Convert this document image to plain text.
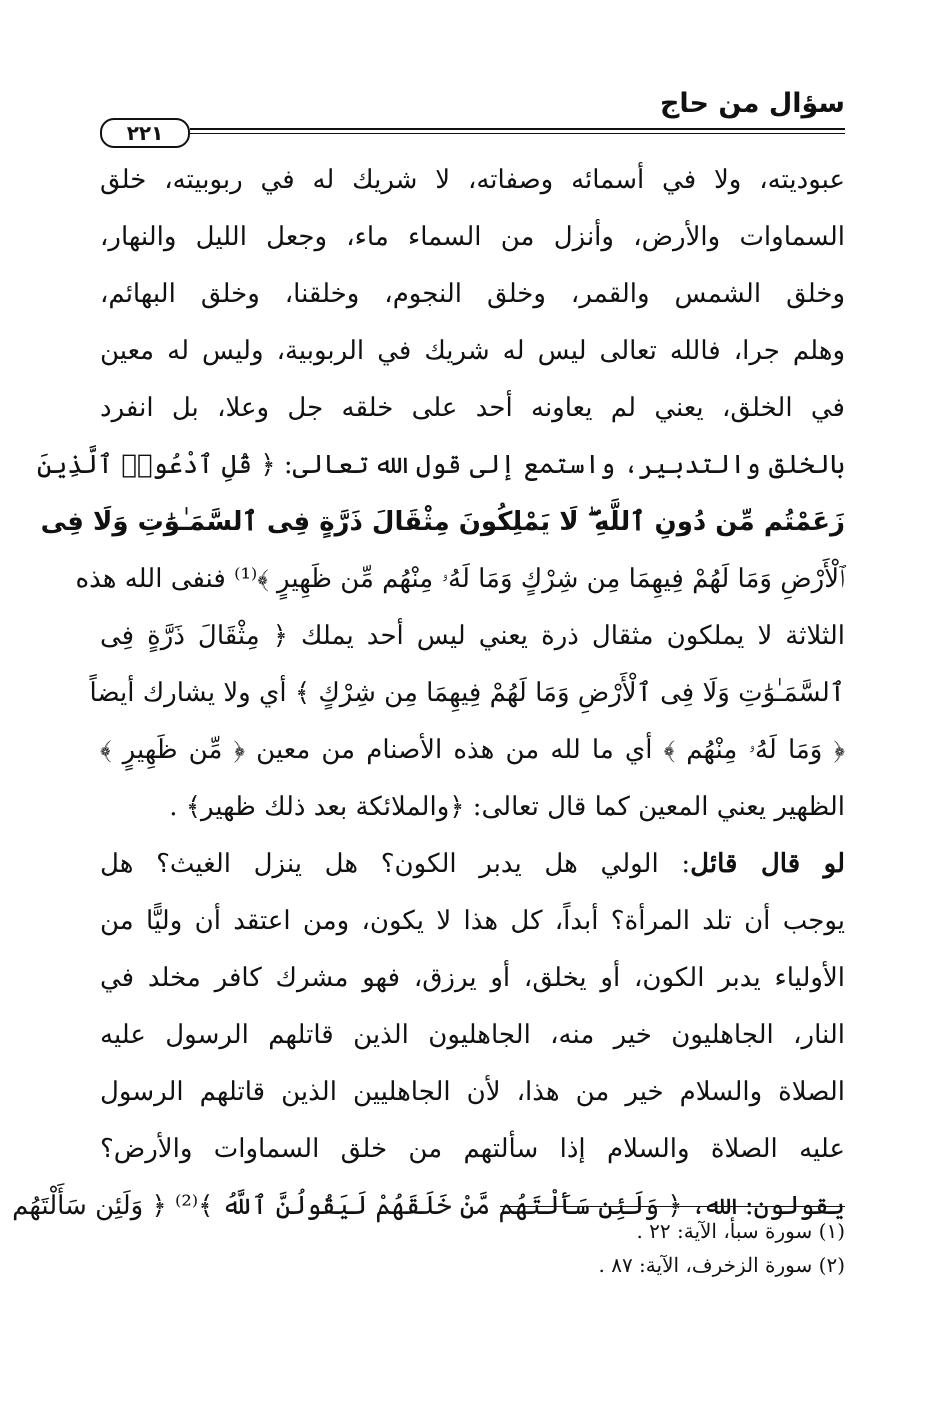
سؤال من حاج
٢٢١
عبوديته، ولا في أسمائه وصفاته، لا شريك له في ربوبيته، خلق
السماوات والأرض، وأنزل من السماء ماء، وجعل الليل والنهار،
وخلق الشمس والقمر، وخلق النجوم، وخلقنا، وخلق البهائم،
وهلم جرا، فالله تعالى ليس له شريك في الربوبية، وليس له معين
في الخلق، يعني لم يعاونه أحد على خلقه جل وعلا، بل انفرد
بالخلق والتدبير، واستمع إلى قول الله تعالى: ﴿ قُلِ ٱدْعُوا۟ ٱلَّذِينَ
زَعَمْتُم مِّن دُونِ ٱللَّهِ ۖ لَا يَمْلِكُونَ مِثْقَالَ ذَرَّةٍ فِى ٱلسَّمَـٰوَٰتِ وَلَا فِى
ٱلْأَرْضِ وَمَا لَهُمْ فِيهِمَا مِن شِرْكٍ وَمَا لَهُۥ مِنْهُم مِّن ظَهِيرٍ ﴾⁽¹⁾ فنفى الله هذه
الثلاثة لا يملكون مثقال ذرة يعني ليس أحد يملك ﴿ مِثْقَالَ ذَرَّةٍ فِى
ٱلسَّمَـٰوَٰتِ وَلَا فِى ٱلْأَرْضِ وَمَا لَهُمْ فِيهِمَا مِن شِرْكٍ ﴾ أي ولا يشارك أيضاً
﴿ وَمَا لَهُۥ مِنْهُم ﴾ أي ما لله من هذه الأصنام من معين ﴿ مِّن ظَهِيرٍ ﴾
الظهير يعني المعين كما قال تعالى: ﴿والملائكة بعد ذلك ظهير﴾ .
لو قال قائل: الولي هل يدبر الكون؟ هل ينزل الغيث؟ هل
يوجب أن تلد المرأة؟ أبداً، كل هذا لا يكون، ومن اعتقد أن وليًّا من
الأولياء يدبر الكون، أو يخلق، أو يرزق، فهو مشرك كافر مخلد في
النار، الجاهليون خير منه، الجاهليون الذين قاتلهم الرسول عليه
الصلاة والسلام خير من هذا، لأن الجاهليين الذين قاتلهم الرسول
عليه الصلاة والسلام إذا سألتهم من خلق السماوات والأرض؟
يقولون: الله، ﴿ وَلَئِن سَأَلْتَهُم مَّنْ خَلَقَهُمْ لَيَقُولُنَّ ٱللَّهُ ﴾⁽²⁾ ﴿ وَلَئِن سَأَلْتَهُم
(١) سورة سبأ، الآية: ٢٢ .
(٢) سورة الزخرف، الآية: ٨٧ .
